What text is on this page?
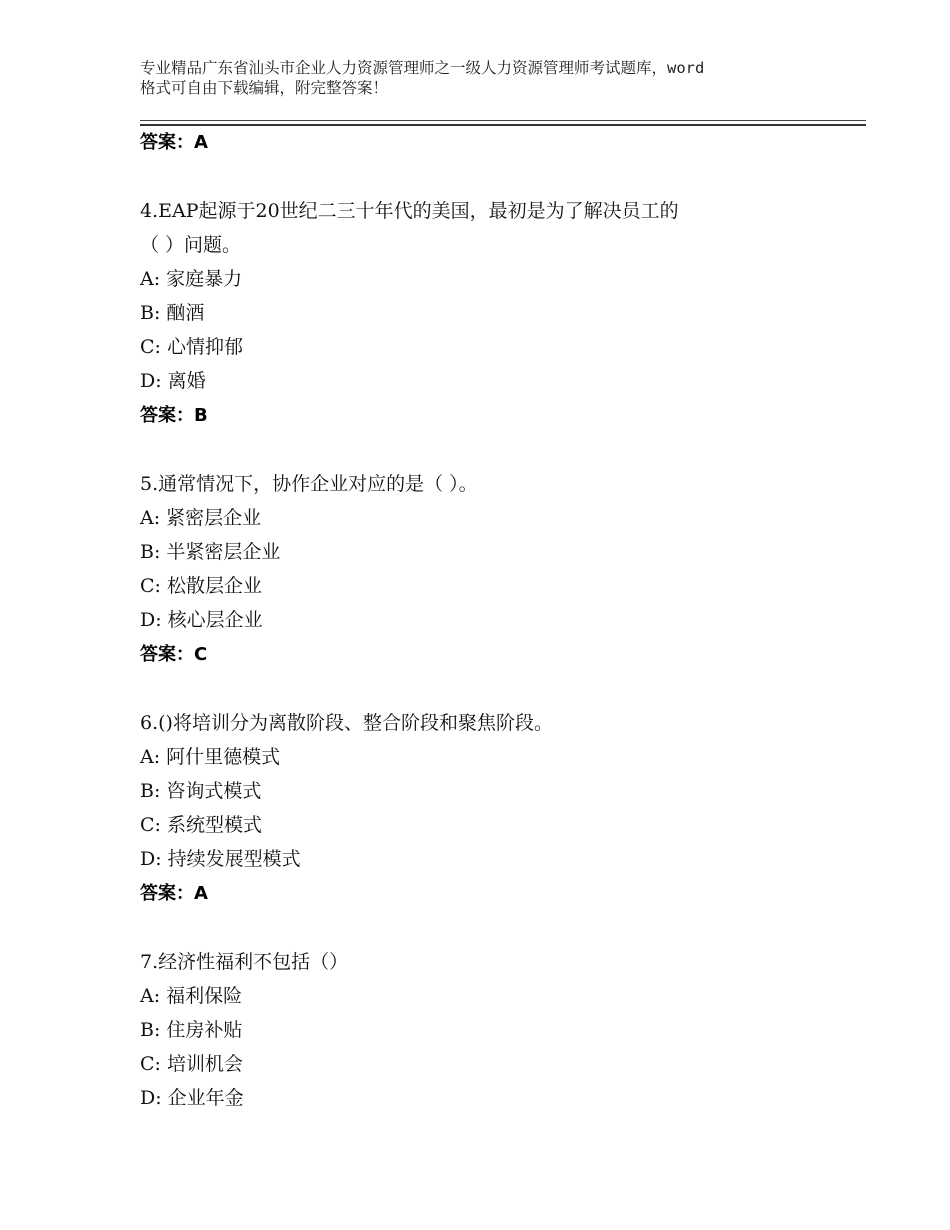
专业精品广东省汕头市企业人力资源管理师之一级人力资源管理师考试题库，word
格式可自由下载编辑，附完整答案！
答案：A
4.EAP起源于20世纪二三十年代的美国，最初是为了解决员工的
（ ）问题。
A: 家庭暴力
B: 酗酒
C: 心情抑郁
D: 离婚
答案：B
5.通常情况下，协作企业对应的是（ ）。
A: 紧密层企业
B: 半紧密层企业
C: 松散层企业
D: 核心层企业
答案：C
6.()将培训分为离散阶段、整合阶段和聚焦阶段。
A: 阿什里德模式
B: 咨询式模式
C: 系统型模式
D: 持续发展型模式
答案：A
7.经济性福利不包括（）
A: 福利保险
B: 住房补贴
C: 培训机会
D: 企业年金
